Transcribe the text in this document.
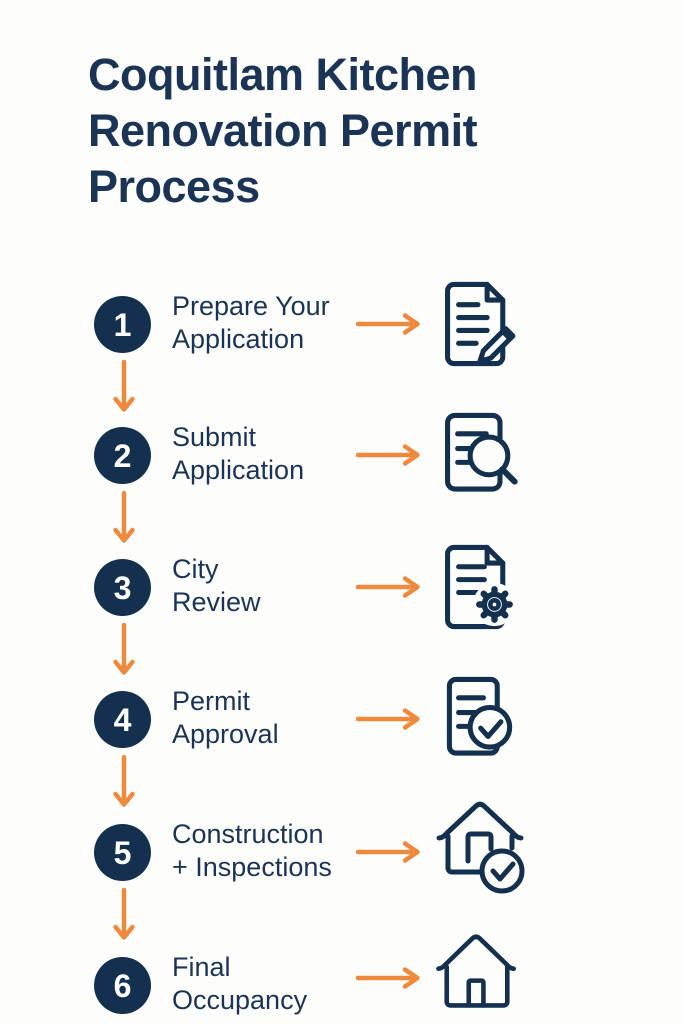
Coquitlam Kitchen Renovation Permit Process
1
Prepare Your
Application
2
Submit
Application
3
City
Review
4
Permit
Approval
5
Construction
+ Inspections
6
Final
Occupancy
